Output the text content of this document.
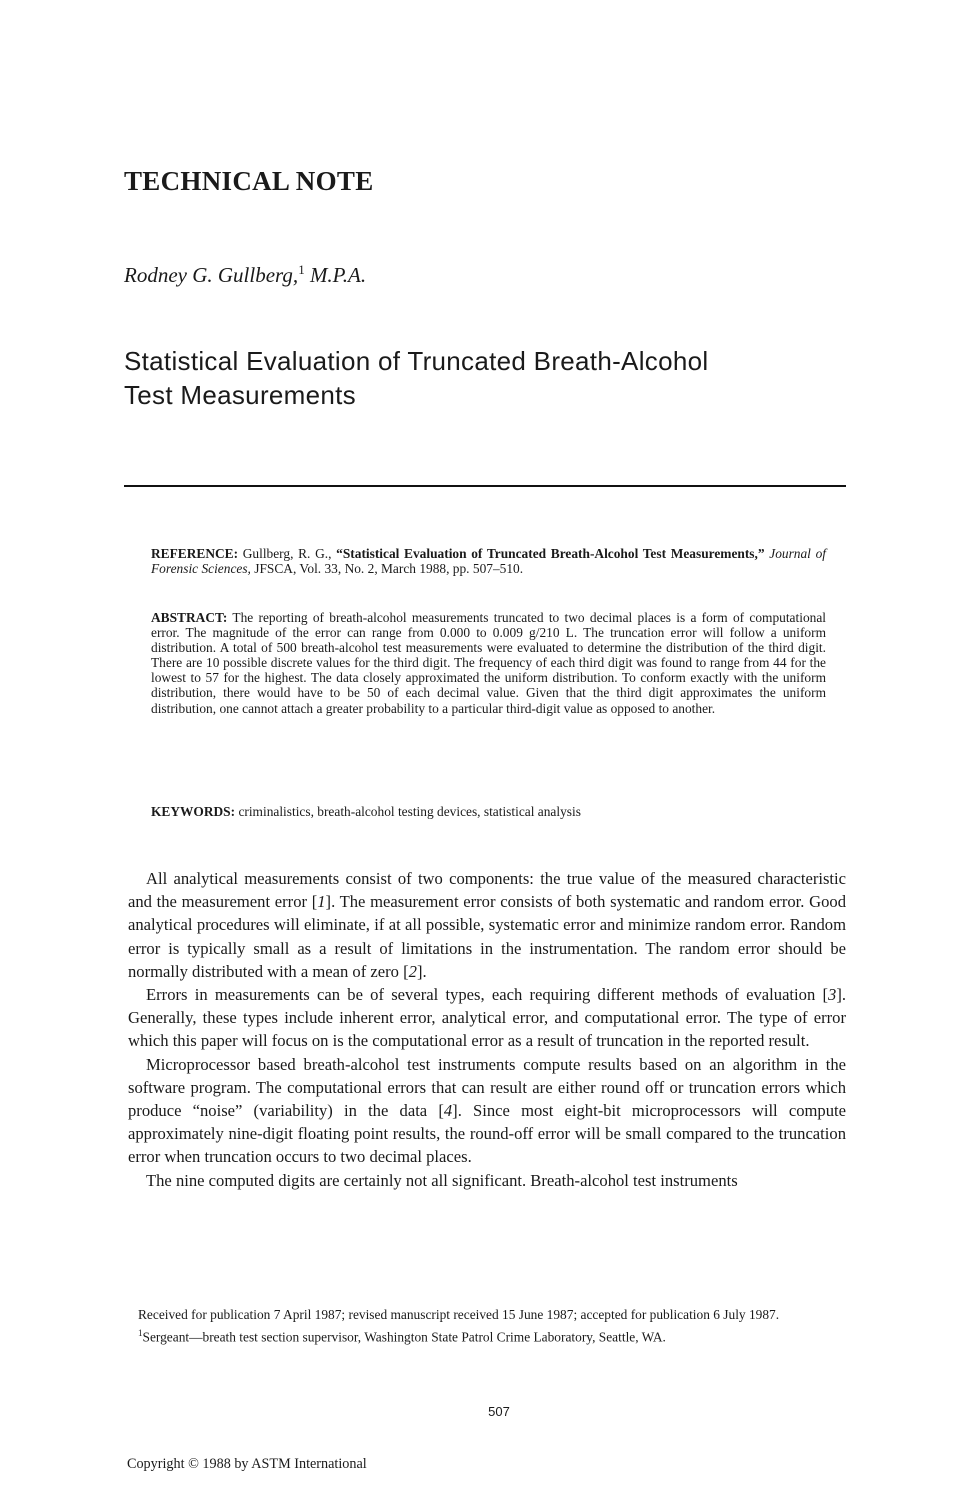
TECHNICAL NOTE
Rodney G. Gullberg,$^1$ M.P.A.
Statistical Evaluation of Truncated Breath-Alcohol
Test Measurements
REFERENCE: Gullberg, R. G., “Statistical Evaluation of Truncated Breath-Alcohol Test Measurements,” Journal of Forensic Sciences, JFSCA, Vol. 33, No. 2, March 1988, pp. 507–510.
ABSTRACT: The reporting of breath-alcohol measurements truncated to two decimal places is a form of computational error. The magnitude of the error can range from 0.000 to 0.009 g/210 L. The truncation error will follow a uniform distribution. A total of 500 breath-alcohol test measurements were evaluated to determine the distribution of the third digit. There are 10 possible discrete values for the third digit. The frequency of each third digit was found to range from 44 for the lowest to 57 for the highest. The data closely approximated the uniform distribution. To conform exactly with the uniform distribution, there would have to be 50 of each decimal value. Given that the third digit approximates the uniform distribution, one cannot attach a greater probability to a particular third-digit value as opposed to another.
KEYWORDS: criminalistics, breath-alcohol testing devices, statistical analysis

All analytical measurements consist of two components: the true value of the measured characteristic and the measurement error [1]. The measurement error consists of both systematic and random error. Good analytical procedures will eliminate, if at all possible, systematic error and minimize random error. Random error is typically small as a result of limitations in the instrumentation. The random error should be normally distributed with a mean of zero [2].

Errors in measurements can be of several types, each requiring different methods of evaluation [3]. Generally, these types include inherent error, analytical error, and computational error. The type of error which this paper will focus on is the computational error as a result of truncation in the reported result.

Microprocessor based breath-alcohol test instruments compute results based on an algorithm in the software program. The computational errors that can result are either round off or truncation errors which produce “noise” (variability) in the data [4]. Since most eight-bit microprocessors will compute approximately nine-digit floating point results, the round-off error will be small compared to the truncation error when truncation occurs to two decimal places.

The nine computed digits are certainly not all significant. Breath-alcohol test instruments

Received for publication 7 April 1987; revised manuscript received 15 June 1987; accepted for publication 6 July 1987.

$^1$Sergeant—breath test section supervisor, Washington State Patrol Crime Laboratory, Seattle, WA.

507
Copyright © 1988 by ASTM International
